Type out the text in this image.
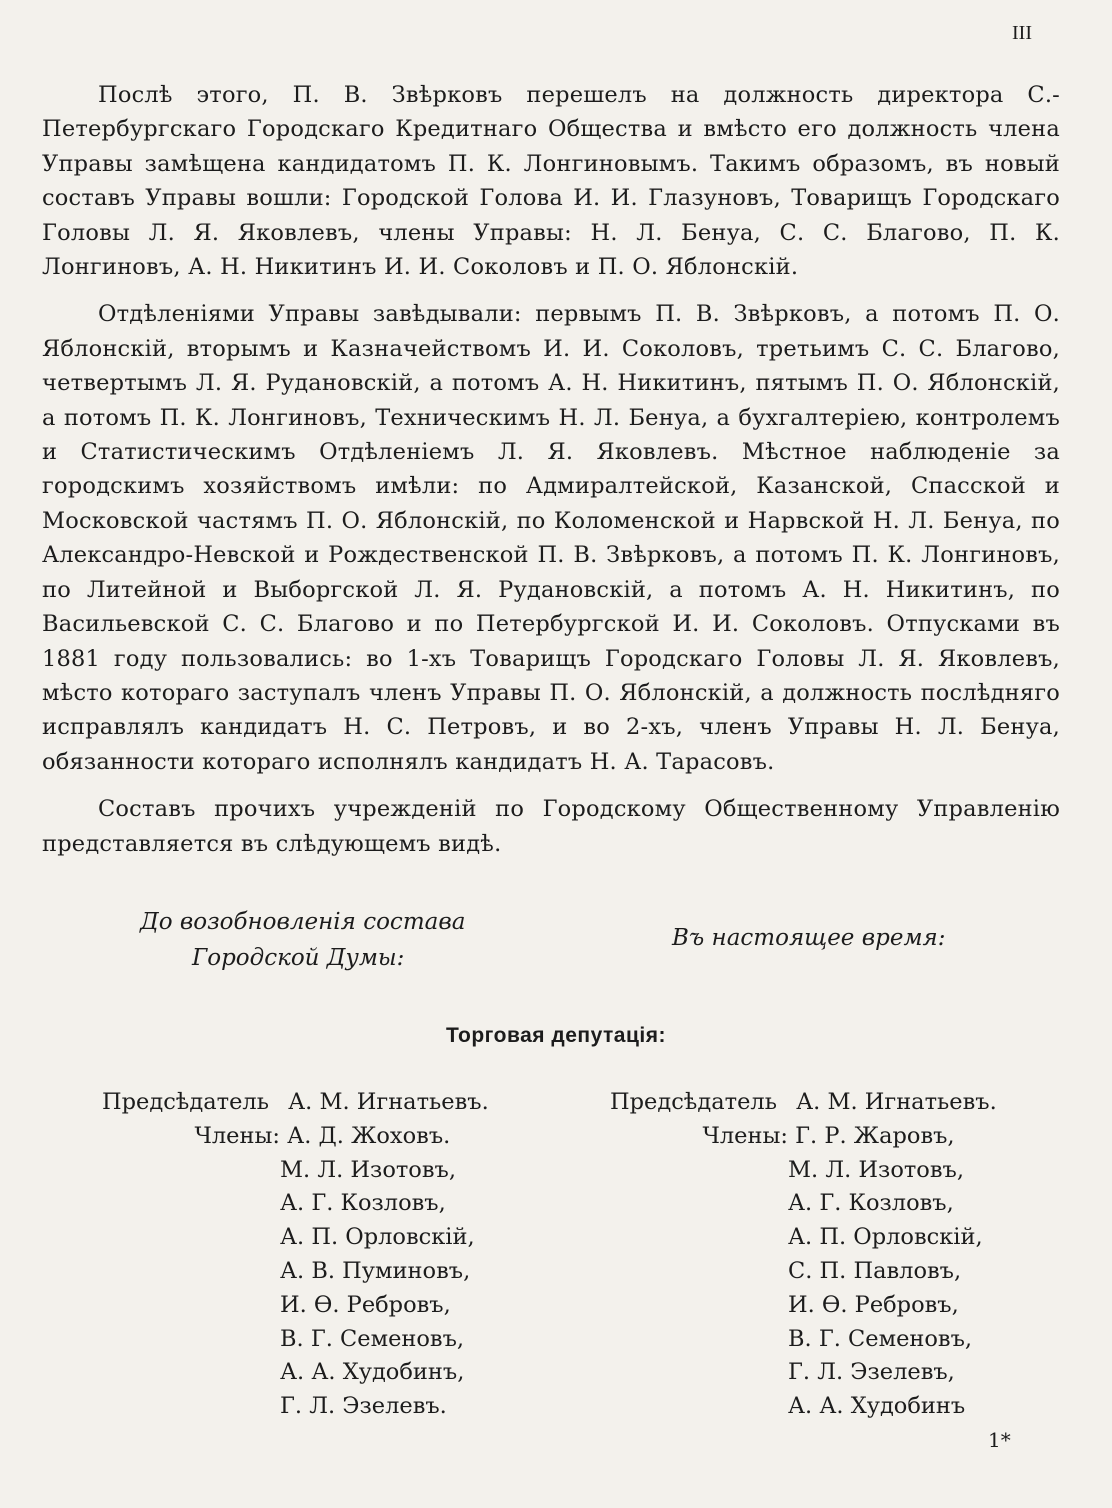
III

Послѣ этого, П. В. Звѣрковъ перешелъ на должность директора С.-Петербургскаго Городскаго Кредитнаго Общества и вмѣсто его должность члена Управы замѣщена кандидатомъ П. К. Лонгиновымъ. Такимъ образомъ, въ новый составъ Управы вошли: Городской Голова И. И. Глазуновъ, Товарищъ Городскаго Головы Л. Я. Яковлевъ, члены Управы: Н. Л. Бенуа, С. С. Благово, П. К. Лонгиновъ, А. Н. Никитинъ И. И. Соколовъ и П. О. Яблонскій.

Отдѣленіями Управы завѣдывали: первымъ П. В. Звѣрковъ, а потомъ П. О. Яблонскій, вторымъ и Казначействомъ И. И. Соколовъ, третьимъ С. С. Благово, четвертымъ Л. Я. Рудановскій, а потомъ А. Н. Никитинъ, пятымъ П. О. Яблонскій, а потомъ П. К. Лонгиновъ, Техническимъ Н. Л. Бенуа, а бухгалтеріею, контролемъ и Статистическимъ Отдѣленіемъ Л. Я. Яковлевъ. Мѣстное наблюденіе за городскимъ хозяйствомъ имѣли: по Адмиралтейской, Казанской, Спасской и Московской частямъ П. О. Яблонскій, по Коломенской и Нарвской Н. Л. Бенуа, по Александро-Невской и Рождественской П. В. Звѣрковъ, а потомъ П. К. Лонгиновъ, по Литейной и Выборгской Л. Я. Рудановскій, а потомъ А. Н. Никитинъ, по Васильевской С. С. Благово и по Петербургской И. И. Соколовъ. Отпусками въ 1881 году пользовались: во 1-хъ Товарищъ Городскаго Головы Л. Я. Яковлевъ, мѣсто котораго заступалъ членъ Управы П. О. Яблонскій, а должность послѣдняго исправлялъ кандидатъ Н. С. Петровъ, и во 2-хъ, членъ Управы Н. Л. Бенуа, обязанности котораго исполнялъ кандидатъ Н. А. Тарасовъ.

Составъ прочихъ учрежденій по Городскому Общественному Управленію представляется въ слѣдующемъ видѣ.

До возобновленія состава
Городской Думы:
Въ настоящее время:
Торговая депутація:
Предсѣдатель А. М. Игнатьевъ.
Члены: А. Д. Жоховъ.
М. Л. Изотовъ,
А. Г. Козловъ,
А. П. Орловскій,
А. В. Пуминовъ,
И. Ѳ. Ребровъ,
В. Г. Семеновъ,
А. А. Худобинъ,
Г. Л. Эзелевъ.
Предсѣдатель А. М. Игнатьевъ.
Члены: Г. Р. Жаровъ,
М. Л. Изотовъ,
А. Г. Козловъ,
А. П. Орловскій,
С. П. Павловъ,
И. Ѳ. Ребровъ,
В. Г. Семеновъ,
Г. Л. Эзелевъ,
А. А. Худобинъ
1*
